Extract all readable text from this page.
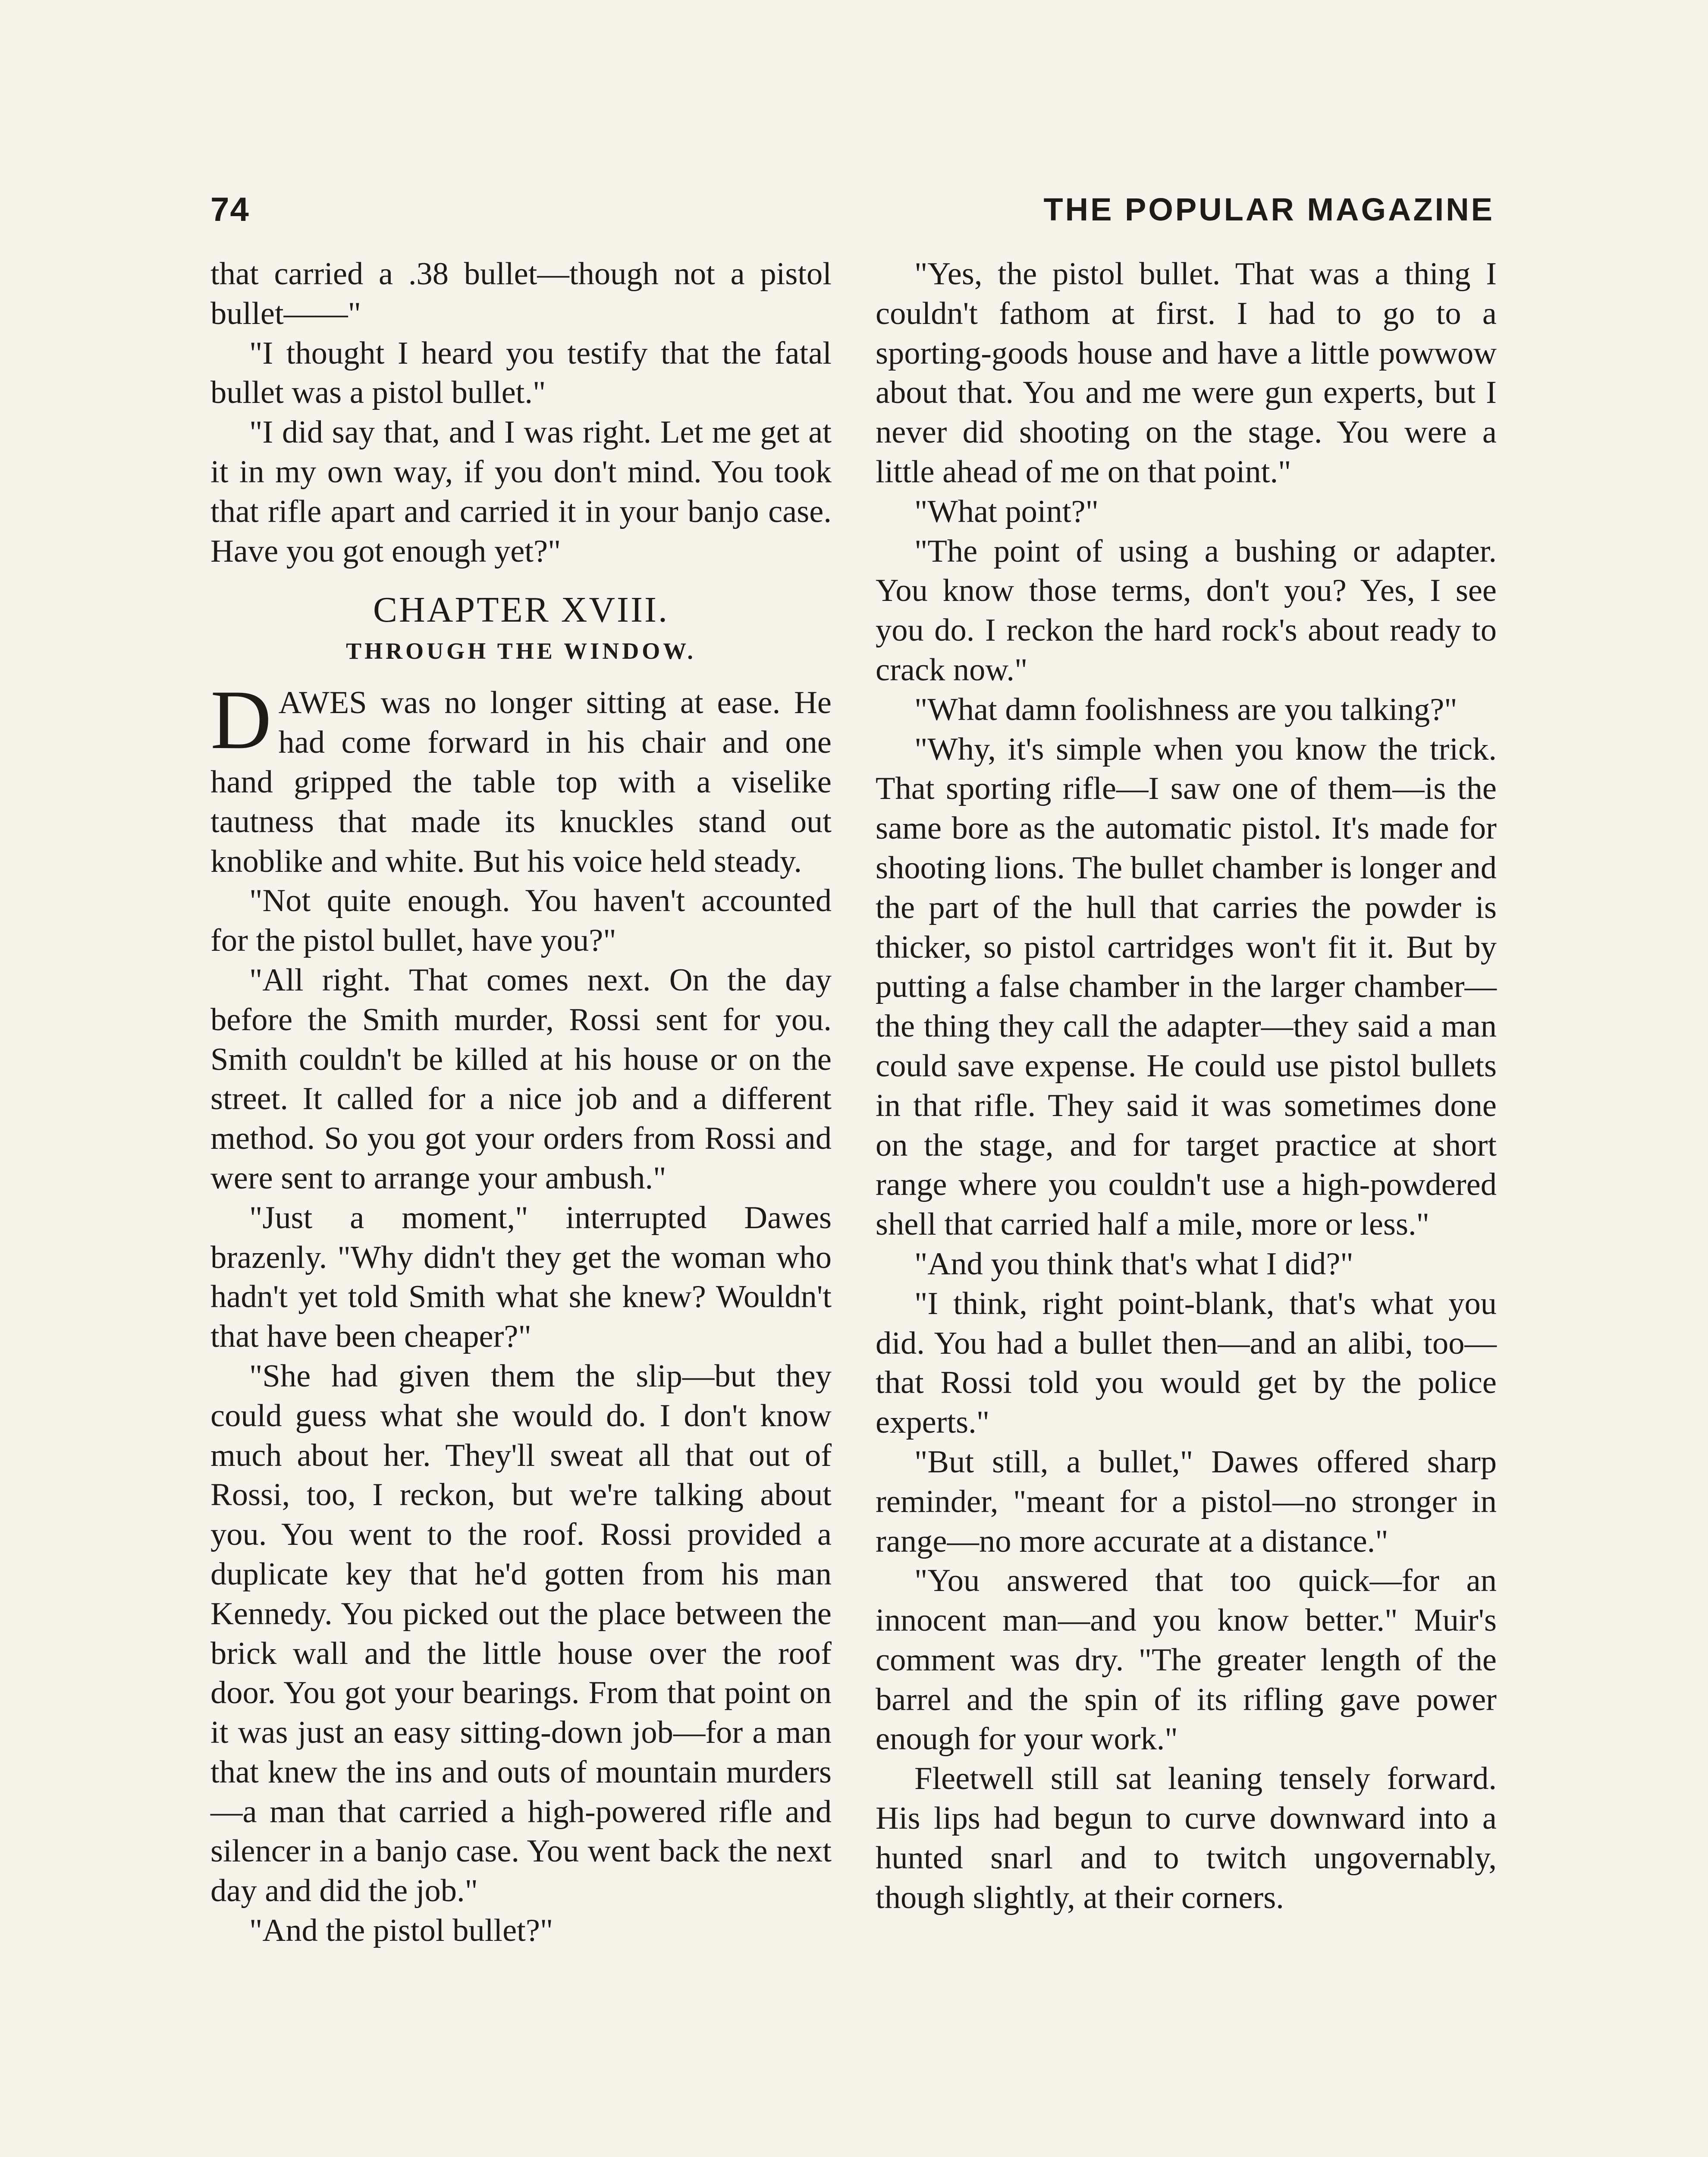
74	THE POPULAR MAGAZINE

that carried a .38 bullet—though not a pistol bullet——"

"I thought I heard you testify that the fatal bullet was a pistol bullet."

"I did say that, and I was right. Let me get at it in my own way, if you don't mind. You took that rifle apart and carried it in your banjo case. Have you got enough yet?"

CHAPTER XVIII.
THROUGH THE WINDOW.

DAWES was no longer sitting at ease. He had come forward in his chair and one hand gripped the table top with a viselike tautness that made its knuckles stand out knoblike and white. But his voice held steady.

"Not quite enough. You haven't accounted for the pistol bullet, have you?"

"All right. That comes next. On the day before the Smith murder, Rossi sent for you. Smith couldn't be killed at his house or on the street. It called for a nice job and a different method. So you got your orders from Rossi and were sent to arrange your ambush."

"Just a moment," interrupted Dawes brazenly. "Why didn't they get the woman who hadn't yet told Smith what she knew? Wouldn't that have been cheaper?"

"She had given them the slip—but they could guess what she would do. I don't know much about her. They'll sweat all that out of Rossi, too, I reckon, but we're talking about you. You went to the roof. Rossi provided a duplicate key that he'd gotten from his man Kennedy. You picked out the place between the brick wall and the little house over the roof door. You got your bearings. From that point on it was just an easy sitting-down job—for a man that knew the ins and outs of mountain murders—a man that carried a high-powered rifle and silencer in a banjo case. You went back the next day and did the job."

"And the pistol bullet?"

"Yes, the pistol bullet. That was a thing I couldn't fathom at first. I had to go to a sporting-goods house and have a little powwow about that. You and me were gun experts, but I never did shooting on the stage. You were a little ahead of me on that point."

"What point?"

"The point of using a bushing or adapter. You know those terms, don't you? Yes, I see you do. I reckon the hard rock's about ready to crack now."

"What damn foolishness are you talking?"

"Why, it's simple when you know the trick. That sporting rifle—I saw one of them—is the same bore as the automatic pistol. It's made for shooting lions. The bullet chamber is longer and the part of the hull that carries the powder is thicker, so pistol cartridges won't fit it. But by putting a false chamber in the larger chamber—the thing they call the adapter—they said a man could save expense. He could use pistol bullets in that rifle. They said it was sometimes done on the stage, and for target practice at short range where you couldn't use a high-powdered shell that carried half a mile, more or less."

"And you think that's what I did?"

"I think, right point-blank, that's what you did. You had a bullet then—and an alibi, too—that Rossi told you would get by the police experts."

"But still, a bullet," Dawes offered sharp reminder, "meant for a pistol—no stronger in range—no more accurate at a distance."

"You answered that too quick—for an innocent man—and you know better." Muir's comment was dry. "The greater length of the barrel and the spin of its rifling gave power enough for your work."

Fleetwell still sat leaning tensely forward. His lips had begun to curve downward into a hunted snarl and to twitch ungovernably, though slightly, at their corners.
